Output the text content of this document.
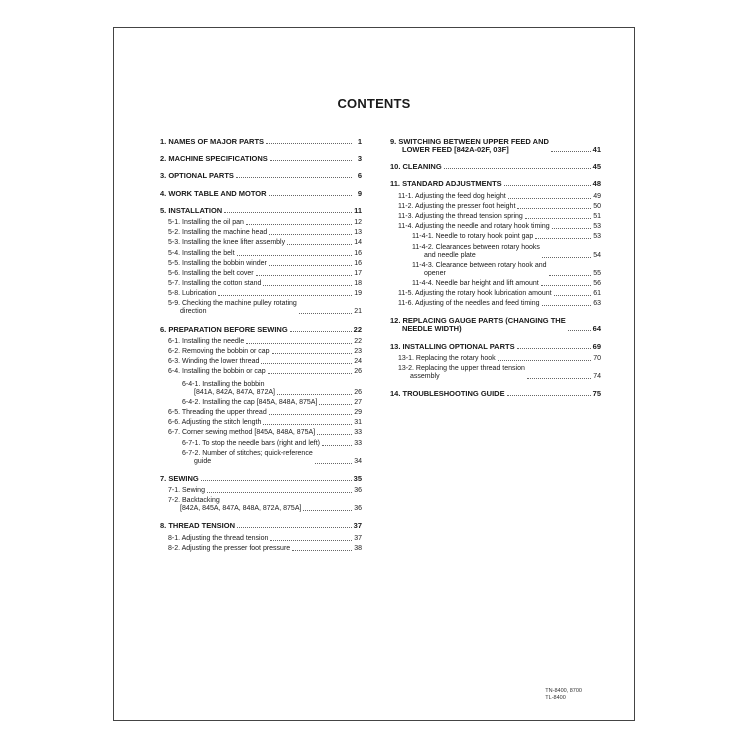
CONTENTS
1. NAMES OF MAJOR PARTS	1
2. MACHINE SPECIFICATIONS	3
3. OPTIONAL PARTS	6
4. WORK TABLE AND MOTOR	9
5. INSTALLATION	11
5-1. Installing the oil pan	12
5-2. Installing the machine head	13
5-3. Installing the knee lifter assembly	14
5-4. Installing the belt	16
5-5. Installing the bobbin winder	16
5-6. Installing the belt cover	17
5-7. Installing the cotton stand	18
5-8. Lubrication	19
5-9. Checking the machine pulley rotating
direction	21
6. PREPARATION BEFORE SEWING	22
6-1. Installing the needle	22
6-2. Removing the bobbin or cap	23
6-3. Winding the lower thread	24
6-4. Installing the bobbin or cap	26
6-4-1. Installing the bobbin
[841A, 842A, 847A, 872A]	26
6-4-2. Installing the cap [845A, 848A, 875A]	27
6-5. Threading the upper thread	29
6-6. Adjusting the stitch length	31
6-7. Corner sewing method [845A, 848A, 875A]	33
6-7-1. To stop the needle bars (right and left)	33
6-7-2. Number of stitches; quick-reference
guide	34
7. SEWING	35
7-1. Sewing	36
7-2. Backtacking
[842A, 845A, 847A, 848A, 872A, 875A]	36
8. THREAD TENSION	37
8-1. Adjusting the thread tension	37
8-2. Adjusting the presser foot pressure	38
9. SWITCHING BETWEEN UPPER FEED AND
LOWER FEED [842A-02F, 03F]	41
10. CLEANING	45
11. STANDARD ADJUSTMENTS	48
11-1. Adjusting the feed dog height	49
11-2. Adjusting the presser foot height	50
11-3. Adjusting the thread tension spring	51
11-4. Adjusting the needle and rotary hook timing	53
11-4-1. Needle to rotary hook point gap	53
11-4-2. Clearances between rotary hooks
and needle plate	54
11-4-3. Clearance between rotary hook and
opener	55
11-4-4. Needle bar height and lift amount	56
11-5. Adjusting the rotary hook lubrication amount	61
11-6. Adjusting of the needles and feed timing	63
12. REPLACING GAUGE PARTS (CHANGING THE
NEEDLE WIDTH)	64
13. INSTALLING OPTIONAL PARTS	69
13-1. Replacing the rotary hook	70
13-2. Replacing the upper thread tension
assembly	74
14. TROUBLESHOOTING GUIDE	75
TN-8400, 8700
TL-8400
